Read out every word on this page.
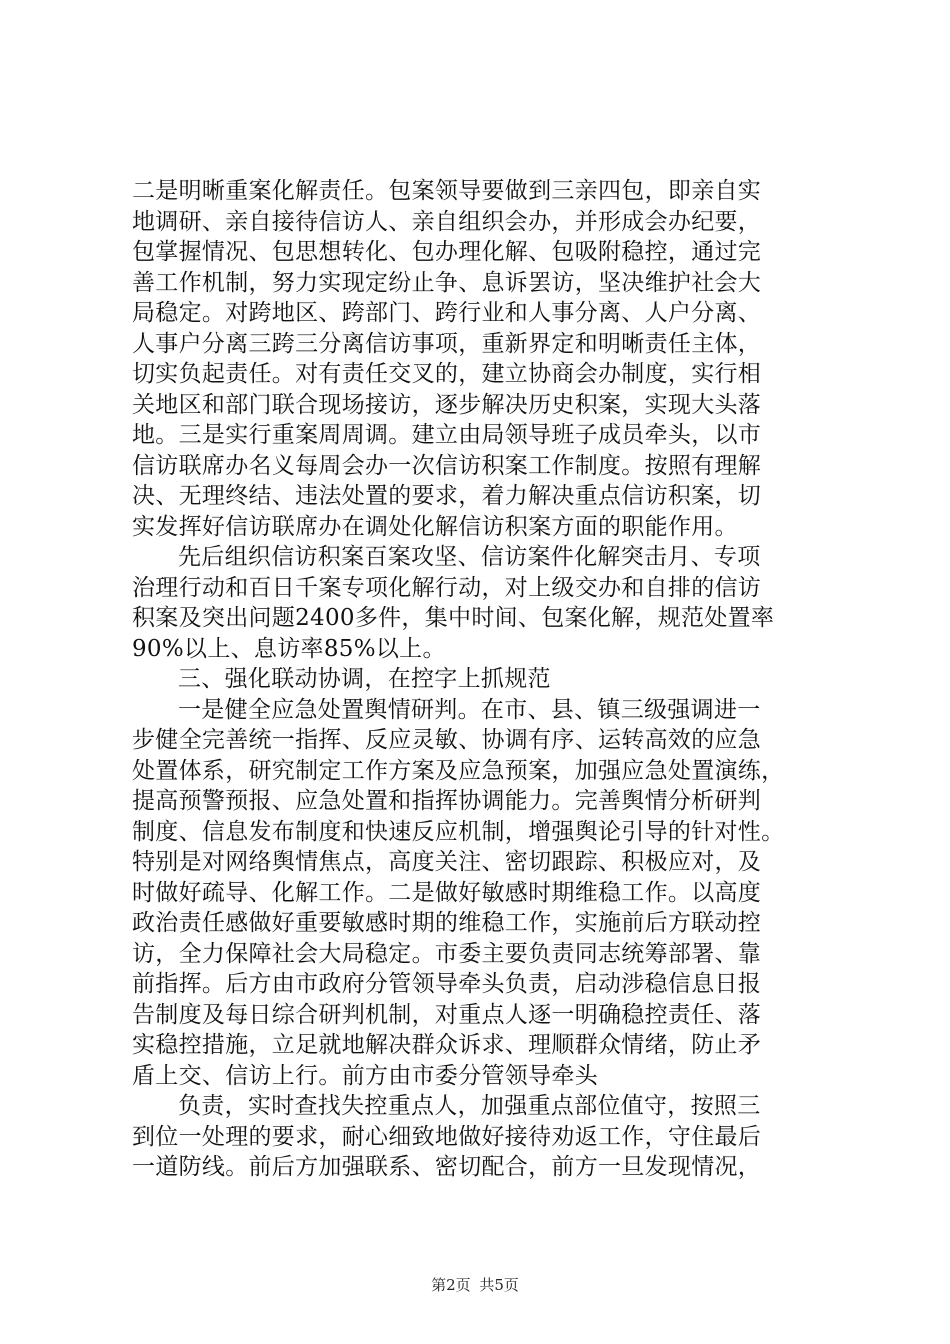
二是明晰重案化解责任。包案领导要做到三亲四包，即亲自实
地调研、亲自接待信访人、亲自组织会办，并形成会办纪要，
包掌握情况、包思想转化、包办理化解、包吸附稳控，通过完
善工作机制，努力实现定纷止争、息诉罢访，坚决维护社会大
局稳定。对跨地区、跨部门、跨行业和人事分离、人户分离、
人事户分离三跨三分离信访事项，重新界定和明晰责任主体，
切实负起责任。对有责任交叉的，建立协商会办制度，实行相
关地区和部门联合现场接访，逐步解决历史积案，实现大头落
地。三是实行重案周周调。建立由局领导班子成员牵头，以市
信访联席办名义每周会办一次信访积案工作制度。按照有理解
决、无理终结、违法处置的要求，着力解决重点信访积案，切
实发挥好信访联席办在调处化解信访积案方面的职能作用。
先后组织信访积案百案攻坚、信访案件化解突击月、专项
治理行动和百日千案专项化解行动，对上级交办和自排的信访
积案及突出问题2400多件，集中时间、包案化解，规范处置率
90%以上、息访率85%以上。
三、强化联动协调，在控字上抓规范
一是健全应急处置舆情研判。在市、县、镇三级强调进一
步健全完善统一指挥、反应灵敏、协调有序、运转高效的应急
处置体系，研究制定工作方案及应急预案，加强应急处置演练，
提高预警预报、应急处置和指挥协调能力。完善舆情分析研判
制度、信息发布制度和快速反应机制，增强舆论引导的针对性。
特别是对网络舆情焦点，高度关注、密切跟踪、积极应对，及
时做好疏导、化解工作。二是做好敏感时期维稳工作。以高度
政治责任感做好重要敏感时期的维稳工作，实施前后方联动控
访，全力保障社会大局稳定。市委主要负责同志统筹部署、靠
前指挥。后方由市政府分管领导牵头负责，启动涉稳信息日报
告制度及每日综合研判机制，对重点人逐一明确稳控责任、落
实稳控措施，立足就地解决群众诉求、理顺群众情绪，防止矛
盾上交、信访上行。前方由市委分管领导牵头
负责，实时查找失控重点人，加强重点部位值守，按照三
到位一处理的要求，耐心细致地做好接待劝返工作，守住最后
一道防线。前后方加强联系、密切配合，前方一旦发现情况，
第2页 共5页
